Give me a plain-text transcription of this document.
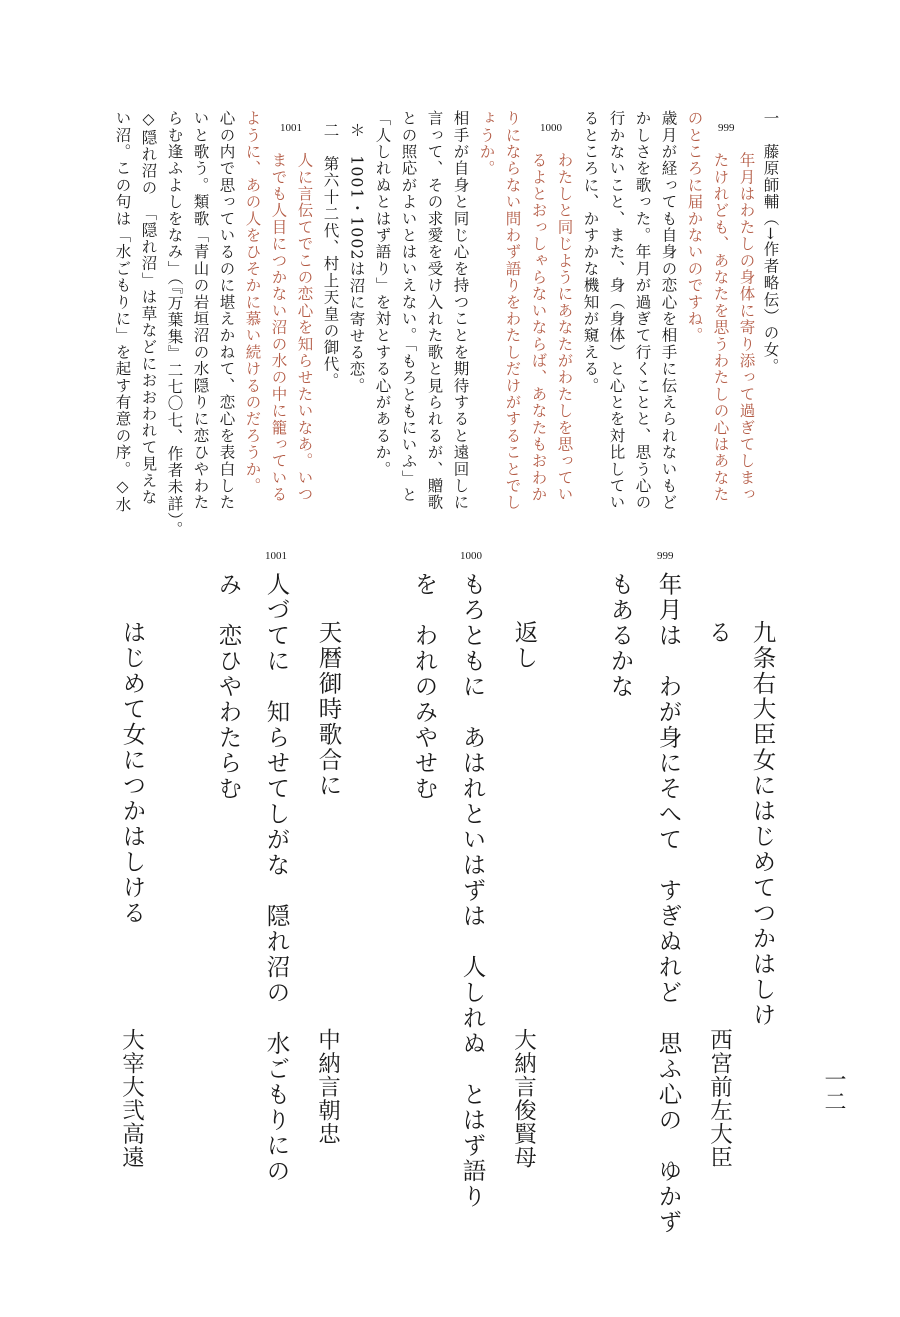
一　藤原師輔（→作者略伝）の女。
999
年月はわたしの身体に寄り添って過ぎてしまっ
たけれども、あなたを思うわたしの心はあなた
のところに届かないのですね。
歳月が経っても自身の恋心を相手に伝えられないもど
かしさを歌った。年月が過ぎて行くことと、思う心の
行かないこと、また、身（身体）と心とを対比してい
るところに、かすかな機知が窺える。
1000
わたしと同じようにあなたがわたしを思ってい
るよとおっしゃらないならば、あなたもおわか
りにならない問わず語りをわたしだけがすることでし
ょうか。
相手が自身と同じ心を持つことを期待すると遠回しに
言って、その求愛を受け入れた歌と見られるが、贈歌
との照応がよいとはいえない。「もろともにいふ」と
「人しれぬとはず語り」を対とする心があるか。
＊　1001・1002は沼に寄せる恋。
二　第六十二代、村上天皇の御代。
1001
人に言伝てでこの恋心を知らせたいなあ。いつ
までも人目につかない沼の水の中に籠っている
ように、あの人をひそかに慕い続けるのだろうか。
心の内で思っているのに堪えかねて、恋心を表白した
いと歌う。類歌「青山の岩垣沼の水隠りに恋ひやわた
らむ逢ふよしをなみ」（『万葉集』二七〇七、作者未詳）。
◇隠れ沼の　「隠れ沼」は草などにおおわれて見えな
い沼。この句は「水ごもりに」を起す有意の序。◇水
九条右大臣女にはじめてつかはしけ
る
西宮前左大臣
999
年月は　わが身にそへて　すぎぬれど　思ふ心の　ゆかず
もあるかな
返し
大納言俊賢母
1000
もろともに　あはれといはずは　人しれぬ　とはず語り
を　われのみやせむ
天暦御時歌合に
中納言朝忠
1001
人づてに　知らせてしがな　隠れ沼の　水ごもりにの
み　恋ひやわたらむ
はじめて女につかはしける
大宰大弐高遠	一二
